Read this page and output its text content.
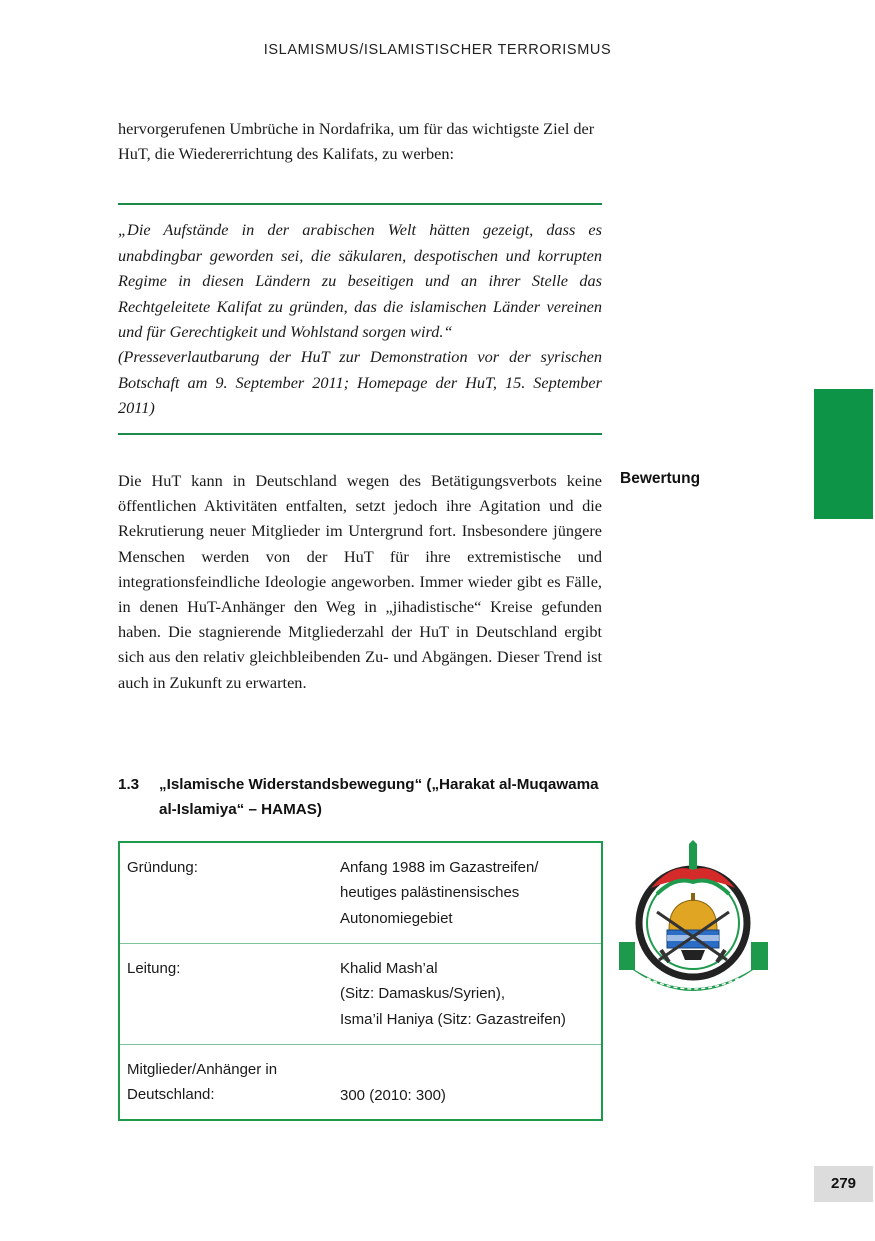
ISLAMISMUS/ISLAMISTISCHER TERRORISMUS

hervorgerufenen Umbrüche in Nordafrika, um für das wichtigste Ziel der HuT, die Wiedererrichtung des Kalifats, zu werben:

„Die Aufstände in der arabischen Welt hätten gezeigt, dass es unabdingbar geworden sei, die säkularen, despotischen und korrupten Regime in diesen Ländern zu beseitigen und an ihrer Stelle das Rechtgeleitete Kalifat zu gründen, das die islamischen Länder vereinen und für Gerechtigkeit und Wohlstand sorgen wird.“

(Presseverlautbarung der HuT zur Demonstration vor der syrischen Botschaft am 9. September 2011; Homepage der HuT, 15. September 2011)

Bewertung

Die HuT kann in Deutschland wegen des Betätigungsverbots keine öffentlichen Aktivitäten entfalten, setzt jedoch ihre Agitation und die Rekrutierung neuer Mitglieder im Untergrund fort. Insbesondere jüngere Menschen werden von der HuT für ihre extremistische und integrationsfeindliche Ideologie angeworben. Immer wieder gibt es Fälle, in denen HuT-Anhänger den Weg in „jihadistische“ Kreise gefunden haben. Die stagnierende Mitgliederzahl der HuT in Deutschland ergibt sich aus den relativ gleichbleibenden Zu- und Abgängen. Dieser Trend ist auch in Zukunft zu erwarten.

1.3 „Islamische Widerstandsbewegung“ („Harakat al-Muqawama al-Islamiya“ – HAMAS)
Gründung:	Anfang 1988 im Gazastreifen/ heutiges palästinensisches Autonomiegebiet
Leitung:	Khalid Mash’al
(Sitz: Damaskus/Syrien),
Isma’il Haniya (Sitz: Gazastreifen)
Mitglieder/Anhänger in Deutschland:	300 (2010: 300)
279
